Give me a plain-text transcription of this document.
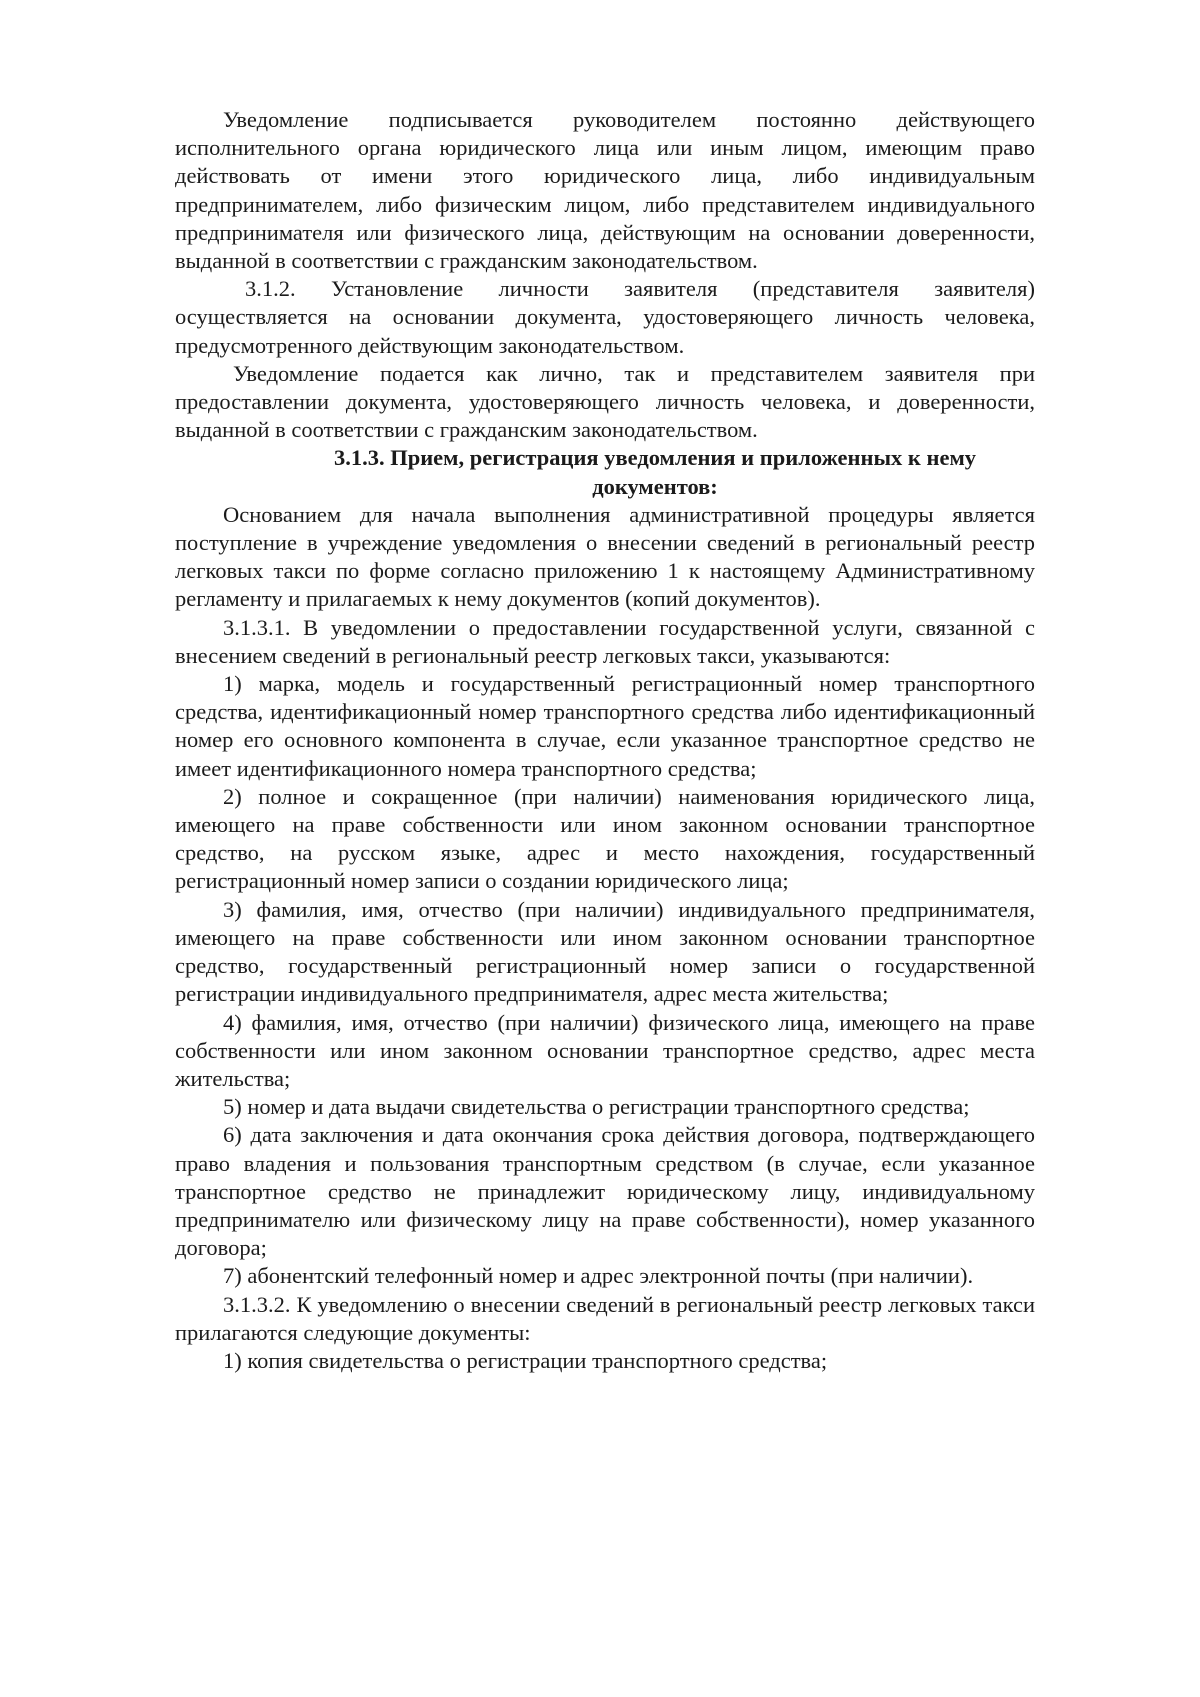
Уведомление подписывается руководителем постоянно действующего исполнительного органа юридического лица или иным лицом, имеющим право действовать от имени этого юридического лица, либо индивидуальным предпринимателем, либо физическим лицом, либо представителем индивидуального предпринимателя или физического лица, действующим на основании доверенности, выданной в соответствии с гражданским законодательством.

3.1.2. Установление личности заявителя (представителя заявителя) осуществляется на основании документа, удостоверяющего личность человека, предусмотренного действующим законодательством.

Уведомление подается как лично, так и представителем заявителя при предоставлении документа, удостоверяющего личность человека, и доверенности, выданной в соответствии с гражданским законодательством.

3.1.3. Прием, регистрация уведомления и приложенных к нему документов:

Основанием для начала выполнения административной процедуры является поступление в учреждение уведомления о внесении сведений в региональный реестр легковых такси по форме согласно приложению 1 к настоящему Административному регламенту и прилагаемых к нему документов (копий документов).

3.1.3.1. В уведомлении о предоставлении государственной услуги, связанной с внесением сведений в региональный реестр легковых такси, указываются:

1) марка, модель и государственный регистрационный номер транспортного средства, идентификационный номер транспортного средства либо идентификационный номер его основного компонента в случае, если указанное транспортное средство не имеет идентификационного номера транспортного средства;

2) полное и сокращенное (при наличии) наименования юридического лица, имеющего на праве собственности или ином законном основании транспортное средство, на русском языке, адрес и место нахождения, государственный регистрационный номер записи о создании юридического лица;

3) фамилия, имя, отчество (при наличии) индивидуального предпринимателя, имеющего на праве собственности или ином законном основании транспортное средство, государственный регистрационный номер записи о государственной регистрации индивидуального предпринимателя, адрес места жительства;

4) фамилия, имя, отчество (при наличии) физического лица, имеющего на праве собственности или ином законном основании транспортное средство, адрес места жительства;

5) номер и дата выдачи свидетельства о регистрации транспортного средства;

6) дата заключения и дата окончания срока действия договора, подтверждающего право владения и пользования транспортным средством (в случае, если указанное транспортное средство не принадлежит юридическому лицу, индивидуальному предпринимателю или физическому лицу на праве собственности), номер указанного договора;

7) абонентский телефонный номер и адрес электронной почты (при наличии).

3.1.3.2. К уведомлению о внесении сведений в региональный реестр легковых такси прилагаются следующие документы:

1) копия свидетельства о регистрации транспортного средства;
